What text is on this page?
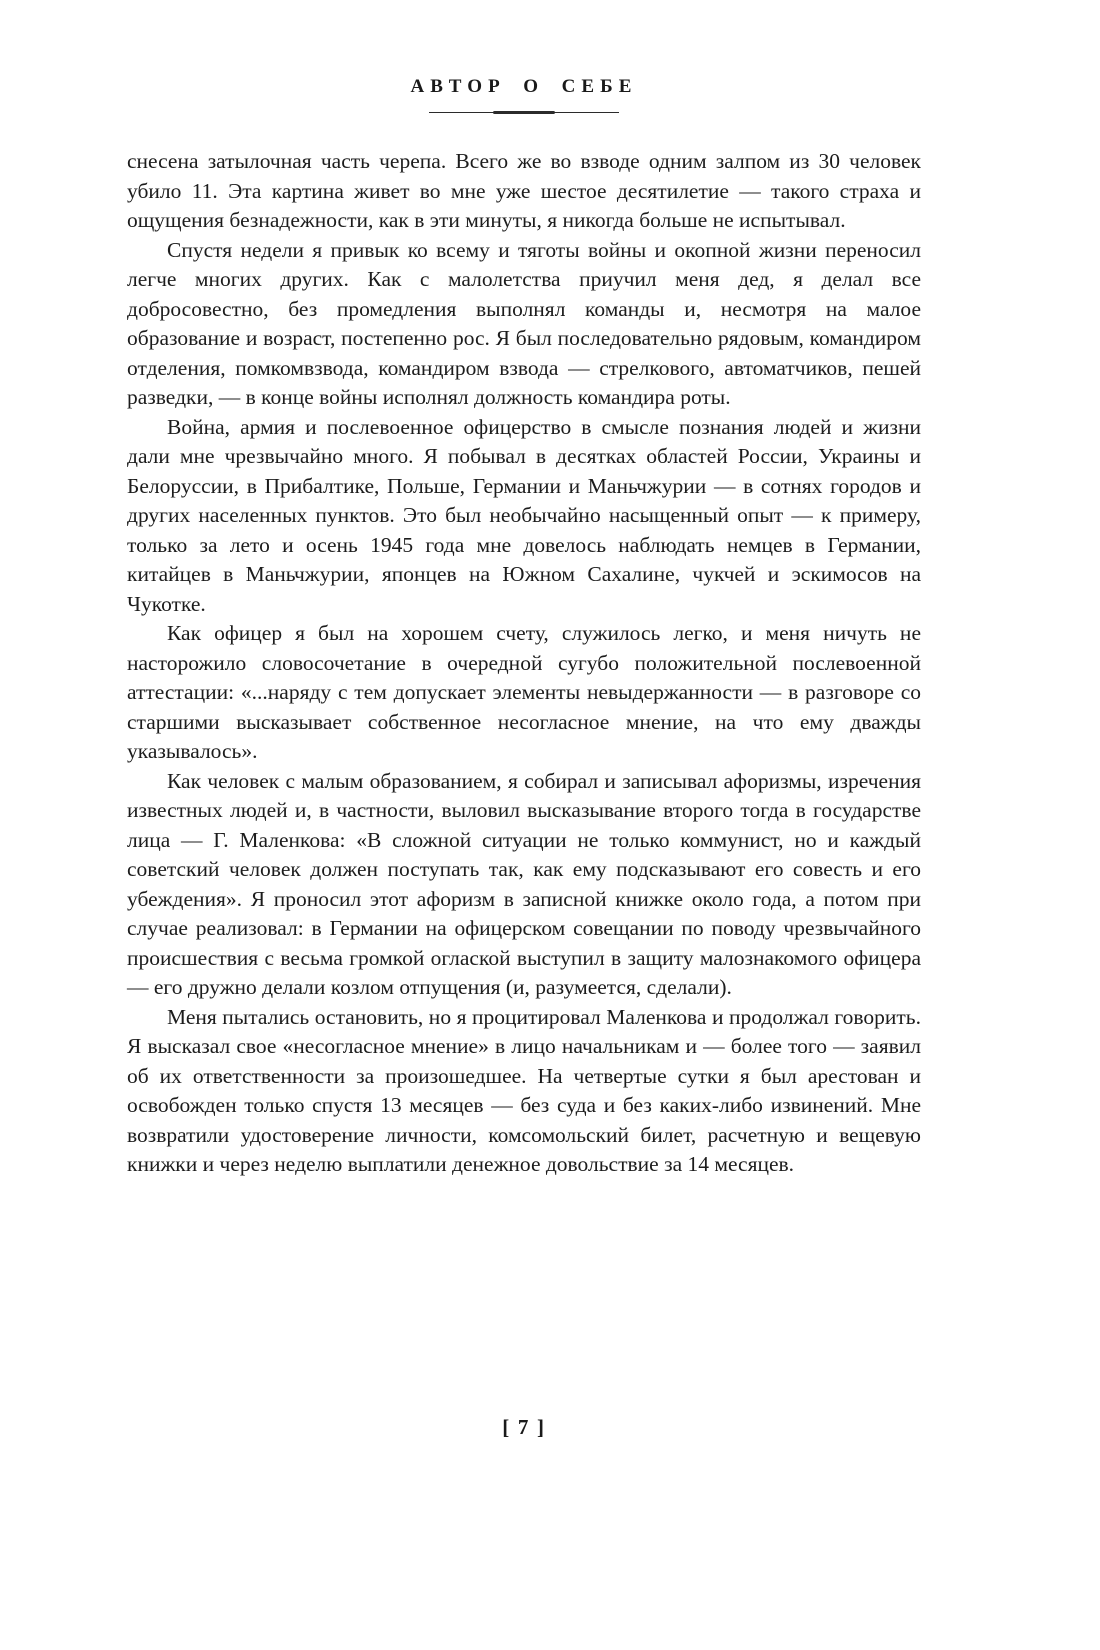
АВТОР О СЕБЕ

снесена затылочная часть черепа. Всего же во взводе одним залпом из 30 человек убило 11. Эта картина живет во мне уже шестое десятилетие — такого страха и ощущения безнадежности, как в эти минуты, я никогда больше не испытывал.

Спустя недели я привык ко всему и тяготы войны и окопной жизни переносил легче многих других. Как с малолетства приучил меня дед, я делал все добросовестно, без промедления выполнял команды и, несмотря на малое образование и возраст, постепенно рос. Я был последовательно рядовым, командиром отделения, помкомвзвода, командиром взвода — стрелкового, автоматчиков, пешей разведки, — в конце войны исполнял должность командира роты.

Война, армия и послевоенное офицерство в смысле познания людей и жизни дали мне чрезвычайно много. Я побывал в десятках областей России, Украины и Белоруссии, в Прибалтике, Польше, Германии и Маньчжурии — в сотнях городов и других населенных пунктов. Это был необычайно насыщенный опыт — к примеру, только за лето и осень 1945 года мне довелось наблюдать немцев в Германии, китайцев в Маньчжурии, японцев на Южном Сахалине, чукчей и эскимосов на Чукотке.

Как офицер я был на хорошем счету, служилось легко, и меня ничуть не насторожило словосочетание в очередной сугубо положительной послевоенной аттестации: «...наряду с тем допускает элементы невыдержанности — в разговоре со старшими высказывает собственное несогласное мнение, на что ему дважды указывалось».

Как человек с малым образованием, я собирал и записывал афоризмы, изречения известных людей и, в частности, выловил высказывание второго тогда в государстве лица — Г. Маленкова: «В сложной ситуации не только коммунист, но и каждый советский человек должен поступать так, как ему подсказывают его совесть и его убеждения». Я проносил этот афоризм в записной книжке около года, а потом при случае реализовал: в Германии на офицерском совещании по поводу чрезвычайного происшествия с весьма громкой оглаской выступил в защиту малознакомого офицера — его дружно делали козлом отпущения (и, разумеется, сделали).

Меня пытались остановить, но я процитировал Маленкова и продолжал говорить. Я высказал свое «несогласное мнение» в лицо начальникам и — более того — заявил об их ответственности за произошедшее. На четвертые сутки я был арестован и освобожден только спустя 13 месяцев — без суда и без каких-либо извинений. Мне возвратили удостоверение личности, комсомольский билет, расчетную и вещевую книжки и через неделю выплатили денежное довольствие за 14 месяцев.

[ 7 ]
